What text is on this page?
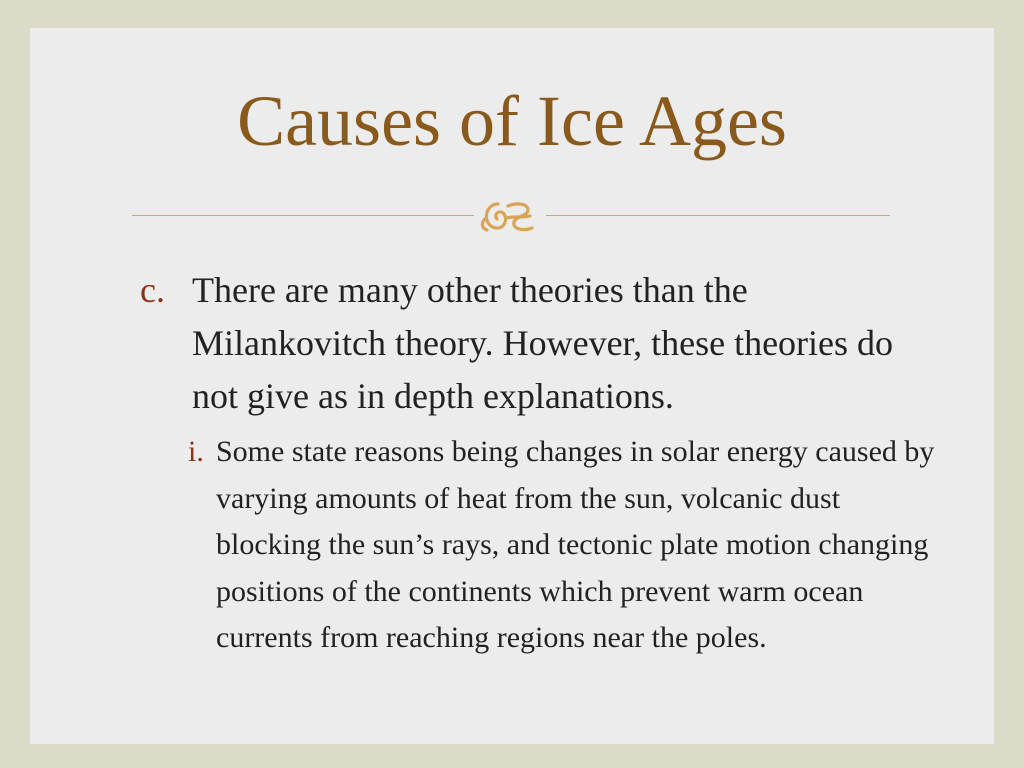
Causes of Ice Ages
c. There are many other theories than the Milankovitch theory. However, these theories do not give as in depth explanations.
i. Some state reasons being changes in solar energy caused by varying amounts of heat from the sun, volcanic dust blocking the sun’s rays, and tectonic plate motion changing positions of the continents which prevent warm ocean currents from reaching regions near the poles.
